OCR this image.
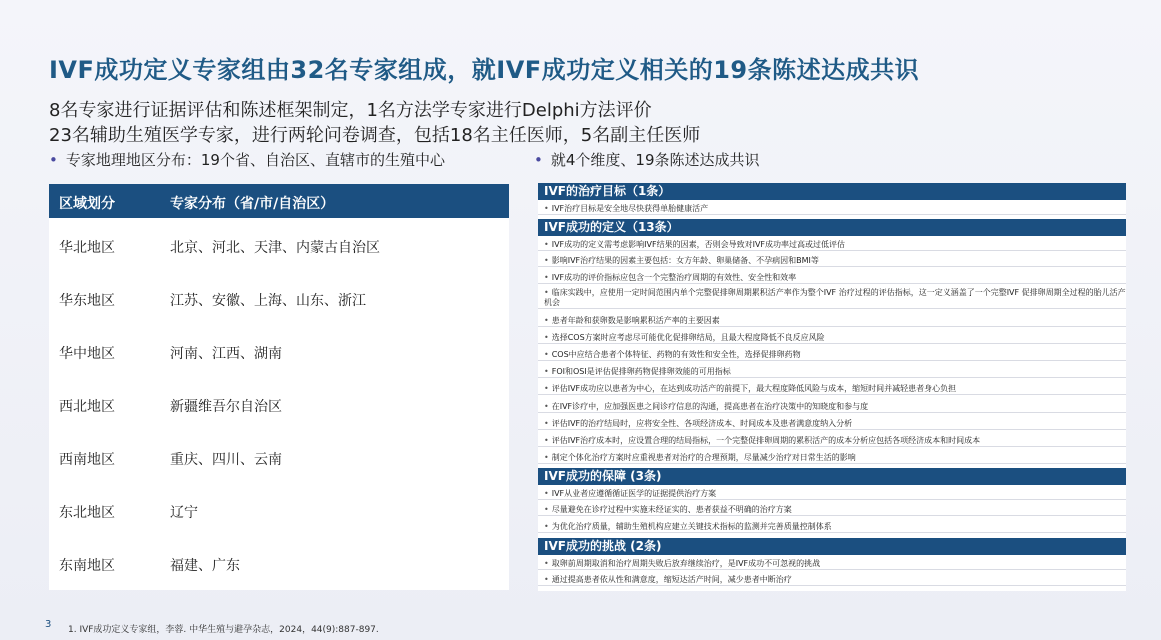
IVF成功定义专家组由32名专家组成，就IVF成功定义相关的19条陈述达成共识
8名专家进行证据评估和陈述框架制定，1名方法学专家进行Delphi方法评价
23名辅助生殖医学专家，进行两轮问卷调查，包括18名主任医师，5名副主任医师
• 专家地理地区分布：19个省、自治区、直辖市的生殖中心	• 就4个维度、19条陈述达成共识
区域划分	专家分布（省/市/自治区）
华北地区	北京、河北、天津、内蒙古自治区
华东地区	江苏、安徽、上海、山东、浙江
华中地区	河南、江西、湖南
西北地区	新疆维吾尔自治区
西南地区	重庆、四川、云南
东北地区	辽宁
东南地区	福建、广东
IVF的治疗目标（1条）
• IVF治疗目标是安全地尽快获得单胎健康活产
IVF成功的定义（13条）
• IVF成功的定义需考虑影响IVF结果的因素，否则会导致对IVF成功率过高或过低评估
• 影响IVF治疗结果的因素主要包括：女方年龄、卵巢储备、不孕病因和BMI等
• IVF成功的评价指标应包含一个完整治疗周期的有效性、安全性和效率
• 临床实践中，应使用一定时间范围内单个完整促排卵周期累积活产率作为整个IVF 治疗过程的评估指标，这一定义涵盖了一个完整IVF 促排卵周期全过程的胎儿活产机会
• 患者年龄和获卵数是影响累积活产率的主要因素
• 选择COS方案时应考虑尽可能优化促排卵结局，且最大程度降低不良反应风险
• COS中应结合患者个体特征、药物的有效性和安全性，选择促排卵药物
• FOI和OSI是评估促排卵药物促排卵效能的可用指标
• 评估IVF成功应以患者为中心，在达到成功活产的前提下，最大程度降低风险与成本，缩短时间并减轻患者身心负担
• 在IVF诊疗中，应加强医患之间诊疗信息的沟通，提高患者在治疗决策中的知晓度和参与度
• 评估IVF的治疗结局时，应将安全性、各项经济成本、时间成本及患者满意度纳入分析
• 评估IVF治疗成本时，应设置合理的结局指标，一个完整促排卵周期的累积活产的成本分析应包括各项经济成本和时间成本
• 制定个体化治疗方案时应重视患者对治疗的合理预期，尽量减少治疗对日常生活的影响
IVF成功的保障 (3条)
• IVF从业者应遵循循证医学的证据提供治疗方案
• 尽量避免在诊疗过程中实施未经证实的、患者获益不明确的治疗方案
• 为优化治疗质量，辅助生殖机构应建立关键技术指标的监测并完善质量控制体系
IVF成功的挑战 (2条)
• 取卵前周期取消和治疗周期失败后放弃继续治疗，是IVF成功不可忽视的挑战
• 通过提高患者依从性和满意度，缩短达活产时间，减少患者中断治疗
3 1. IVF成功定义专家组，李蓉. 中华生殖与避孕杂志，2024，44(9):887-897.
